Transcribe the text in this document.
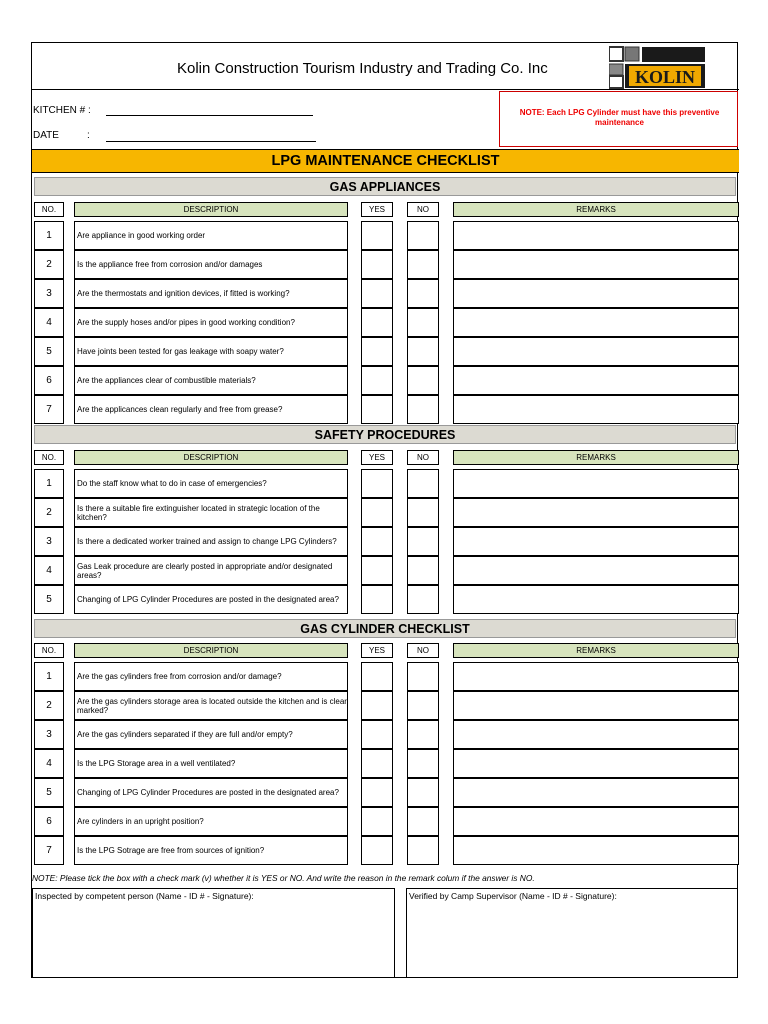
Kolin Construction Tourism Industry and Trading Co. Inc	KOLIN
KITCHEN # :
DATE	:
NOTE: Each LPG Cylinder must have this preventive maintenance
LPG MAINTENANCE CHECKLIST
GAS APPLIANCES
NO.	DESCRIPTION	YES	NO	REMARKS
1	Are appliance in good working order
2	Is the appliance free from corrosion and/or damages
3	Are the thermostats and ignition devices, if fitted is working?
4	Are the supply hoses and/or pipes in good working condition?
5	Have joints been tested for gas leakage with soapy water?
6	Are the appliances clear of combustible materials?
7	Are the applicances clean regularly and free from grease?
SAFETY PROCEDURES
NO.	DESCRIPTION	YES	NO	REMARKS
1	Do the staff know what to do in case of emergencies?
2	Is there a suitable fire extinguisher located in strategic location of the kitchen?
3	Is there a dedicated worker trained and assign to change LPG Cylinders?
4	Gas Leak procedure are clearly posted in appropriate and/or designated areas?
5	Changing of LPG Cylinder Procedures are posted in the designated area?
GAS CYLINDER CHECKLIST
NO.	DESCRIPTION	YES	NO	REMARKS
1	Are the gas cylinders free from corrosion and/or damage?
2	Are the gas cylinders storage area is located outside the kitchen and is clear marked?
3	Are the gas cylinders separated if they are full and/or empty?
4	Is the LPG Storage area in a well ventilated?
5	Changing of LPG Cylinder Procedures are posted in the designated area?
6	Are cylinders in an upright position?
7	Is the LPG Sotrage are free from sources of ignition?
NOTE: Please tick the box with a check mark (v) whether it is YES or NO. And write the reason in the remark colum if the answer is NO.
Inspected by competent person (Name - ID # - Signature):	Verified by Camp Supervisor (Name - ID # - Signature):
